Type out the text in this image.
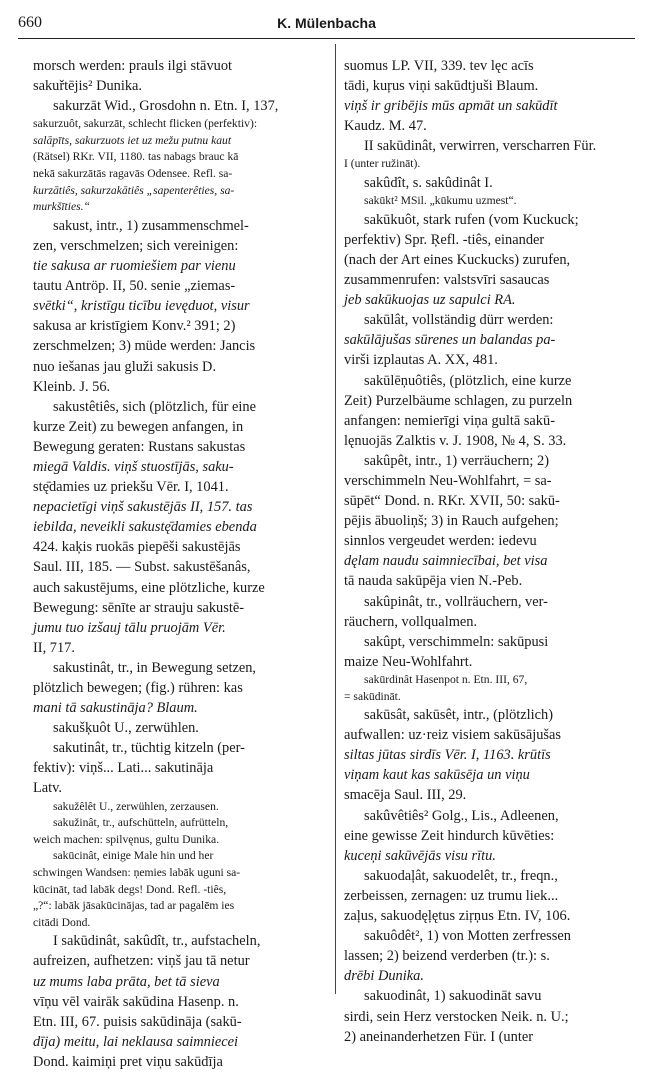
660	K. Mülenbacha
morsch werden: prauls ilgi stāvuot
sakuřtējis² Dunika.
sakurzāt Wid., Grosdohn n. Etn. I, 137,
sakurzuôt, sakurzāt, schlecht flicken (perfektiv):
salāpīts, sakurzuots iet uz mežu putnu kaut
(Rätsel) RKr. VII, 1180. tas nabags brauc kā
nekā sakurzātās ragavās Odensee. Refl. sa-
kurzātiês, sakurzakātiês „sapenterêties, sa-
murkšīties.“
sakust, intr., 1) zusammenschmel-
zen, verschmelzen; sich vereinigen:
tie sakusa ar ruomiešiem par vienu
tautu Antröp. II, 50. senie „ziemas-
svētki“, kristīgu ticību ievęduot, visur
sakusa ar kristīgiem Konv.² 391; 2)
zerschmelzen; 3) müde werden: Jancis
nuo iešanas jau gluži sakusis D.
Kleinb. J. 56.
sakustêtiês, sich (plötzlich, für eine
kurze Zeit) zu bewegen anfangen, in
Bewegung geraten: Rustans sakustas
miegā Valdis. viņš stuostījās, saku-
stę̄damies uz priekšu Vēr. I, 1041.
nepacietīgi viņš sakustējās II, 157. tas
iebilda, neveikli sakustę̄damies ebenda
424. kaķis ruokās piepēši sakustējās
Saul. III, 185. — Subst. sakustēšanâs,
auch sakustējums, eine plötzliche, kurze
Bewegung: sēnīte ar strauju sakustē-
jumu tuo izšauj tālu pruojām Vēr.
II, 717.
sakustinât, tr., in Bewegung setzen,
plötzlich bewegen; (fig.) rühren: kas
mani tā sakustināja? Blaum.
sakušķuôt U., zerwühlen.
sakutinât, tr., tüchtig kitzeln (per-
fektiv): viņš... Lati... sakutināja
Latv.
sakužêlêt U., zerwühlen, zerzausen.
sakužinât, tr., aufschütteln, aufrütteln,
weich machen: spilvęnus, gultu Dunika.
sakūcinât, einige Male hin und her
schwingen Wandsen: ņemies labāk uguni sa-
kūcināt, tad labāk degs! Dond. Refl. -tiês,
„?“: labāk jāsakūcinājas, tad ar pagalēm ies
citādi Dond.
I sakūdinât, sakûdît, tr., aufstacheln,
aufreizen, aufhetzen: viņš jau tā netur
uz mums laba prāta, bet tā sieva
vīņu vēl vairāk sakūdina Hasenp. n.
Etn. III, 67. puisis sakūdināja (sakū-
dīja) meitu, lai neklausa saimniecei
Dond. kaimiņi pret viņu sakūdīja
suomus LP. VII, 339. tev lęc acīs
tādi, kuŗus viņi sakūdtjuši Blaum.
viņš ir gribējis mūs apmāt un sakūdīt
Kaudz. M. 47.
II sakūdinât, verwirren, verscharren Für.
I (unter ružināt).
sakûdît, s. sakûdinât I.
sakūkt² MSil. „kūkumu uzmest“.
sakūkuôt, stark rufen (vom Kuckuck;
perfektiv) Spr. Ŗefl. -tiês, einander
(nach der Art eines Kuckucks) zurufen,
zusammenrufen: valstsvīri sasaucas
jeb sakūkuojas uz sapulci RA.
sakūlât, vollständig dürr werden:
sakūlājušas sūrenes un balandas pa-
virši izplautas A. XX, 481.
sakūlēņuôtiês, (plötzlich, eine kurze
Zeit) Purzelbäume schlagen, zu purzeln
anfangen: nemierīgi viņa gultā sakū-
lęnuojās Zalktis v. J. 1908, № 4, S. 33.
sakûpêt, intr., 1) verräuchern; 2)
verschimmeln Neu-Wohlfahrt, = sa-
sūpēt“ Dond. n. RKr. XVII, 50: sakū-
pējis ābuoliņš; 3) in Rauch aufgehen;
sinnlos vergeudet werden: iedevu
dęlam naudu saimniecībai, bet visa
tā nauda sakūpēja vien N.-Peb.
sakûpinât, tr., vollräuchern, ver-
räuchern, vollqualmen.
sakûpt, verschimmeln: sakūpusi
maize Neu-Wohlfahrt.
sakūrdinât Hasenpot n. Etn. III, 67,
= sakūdināt.
sakūsât, sakūsêt, intr., (plötzlich)
aufwallen: uz·reiz visiem sakūsājušas
siltas jūtas sirdīs Vēr. I, 1163. krūtīs
viņam kaut kas sakūsēja un viņu
smacēja Saul. III, 29.
sakûvêtiês² Golg., Lis., Adleenen,
eine gewisse Zeit hindurch kūvēties:
kuceņi sakūvējās visu rītu.
sakuodaļât, sakuodelêt, tr., freqn.,
zerbeissen, zernagen: uz trumu liek...
zaļus, sakuodęļętus ziŗņus Etn. IV, 106.
sakuôdêt², 1) von Motten zerfressen
lassen; 2) beizend verderben (tr.): s.
drēbi Dunika.
sakuodinât, 1) sakuodināt savu
sirdi, sein Herz verstocken Neik. n. U.;
2) aneinanderhetzen Für. I (unter
